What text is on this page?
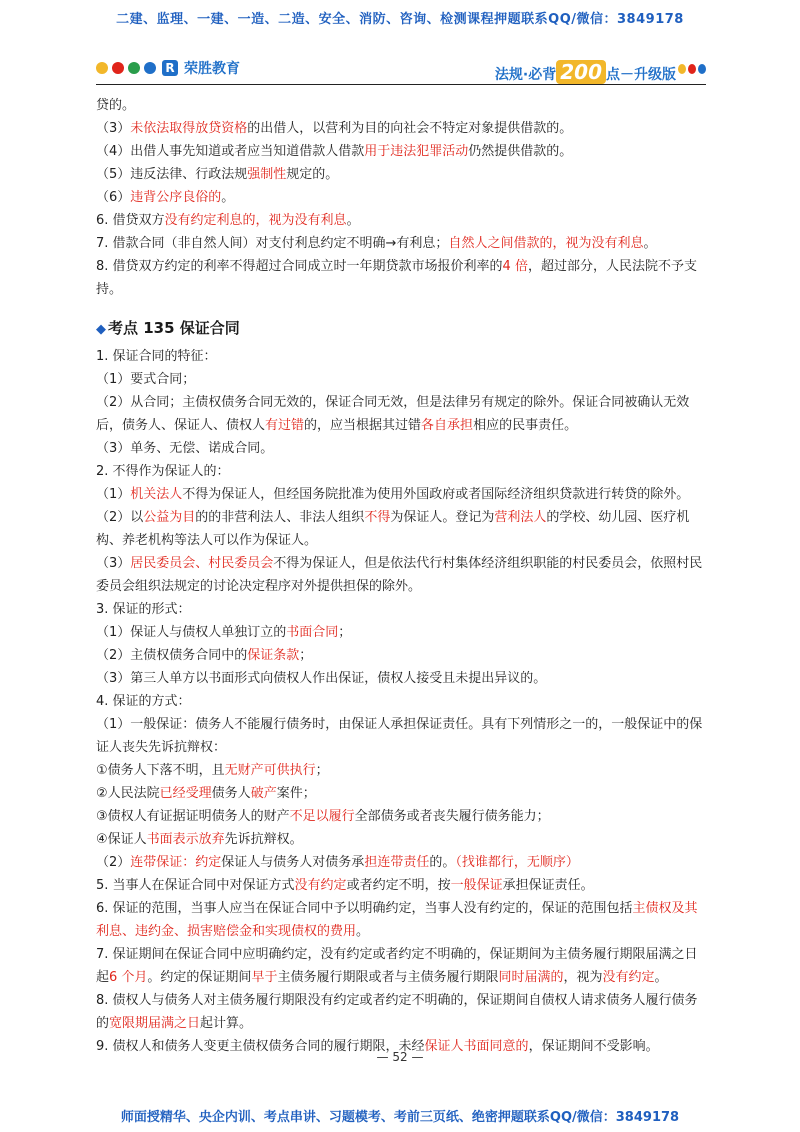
二建、监理、一建、一造、二造、安全、消防、咨询、检测课程押题联系QQ/微信：3849178
R 荣胜教育	法规·必背 200 点－升级版

贷的。

（3）未依法取得放贷资格的出借人，以营利为目的向社会不特定对象提供借款的。

（4）出借人事先知道或者应当知道借款人借款用于违法犯罪活动仍然提供借款的。

（5）违反法律、行政法规强制性规定的。

（6）违背公序良俗的。

6. 借贷双方没有约定利息的，视为没有利息。

7. 借款合同（非自然人间）对支付利息约定不明确→有利息；自然人之间借款的，视为没有利息。

8. 借贷双方约定的利率不得超过合同成立时一年期贷款市场报价利率的4 倍，超过部分，人民法院不予支持。

◆ 考点 135 保证合同

1. 保证合同的特征：

（1）要式合同；

（2）从合同；主债权债务合同无效的，保证合同无效，但是法律另有规定的除外。保证合同被确认无效后，债务人、保证人、债权人有过错的，应当根据其过错各自承担相应的民事责任。

（3）单务、无偿、诺成合同。

2. 不得作为保证人的：

（1）机关法人不得为保证人，但经国务院批准为使用外国政府或者国际经济组织贷款进行转贷的除外。

（2）以公益为目的的非营利法人、非法人组织不得为保证人。登记为营利法人的学校、幼儿园、医疗机构、养老机构等法人可以作为保证人。

（3）居民委员会、村民委员会不得为保证人，但是依法代行村集体经济组织职能的村民委员会，依照村民委员会组织法规定的讨论决定程序对外提供担保的除外。

3. 保证的形式：

（1）保证人与债权人单独订立的书面合同；

（2）主债权债务合同中的保证条款；

（3）第三人单方以书面形式向债权人作出保证，债权人接受且未提出异议的。

4. 保证的方式：

（1）一般保证：债务人不能履行债务时，由保证人承担保证责任。具有下列情形之一的，一般保证中的保证人丧失先诉抗辩权：

①债务人下落不明，且无财产可供执行；

②人民法院已经受理债务人破产案件；

③债权人有证据证明债务人的财产不足以履行全部债务或者丧失履行债务能力；

④保证人书面表示放弃先诉抗辩权。

（2）连带保证：约定保证人与债务人对债务承担连带责任的。（找谁都行，无顺序）

5. 当事人在保证合同中对保证方式没有约定或者约定不明，按一般保证承担保证责任。

6. 保证的范围，当事人应当在保证合同中予以明确约定，当事人没有约定的，保证的范围包括主债权及其利息、违约金、损害赔偿金和实现债权的费用。

7. 保证期间在保证合同中应明确约定，没有约定或者约定不明确的，保证期间为主债务履行期限届满之日起6 个月。约定的保证期间早于主债务履行期限或者与主债务履行期限同时届满的，视为没有约定。

8. 债权人与债务人对主债务履行期限没有约定或者约定不明确的，保证期间自债权人请求债务人履行债务的宽限期届满之日起计算。

9. 债权人和债务人变更主债权债务合同的履行期限，未经保证人书面同意的，保证期间不受影响。

— 52 —
师面授精华、央企内训、考点串讲、习题模考、考前三页纸、绝密押题联系QQ/微信：3849178
